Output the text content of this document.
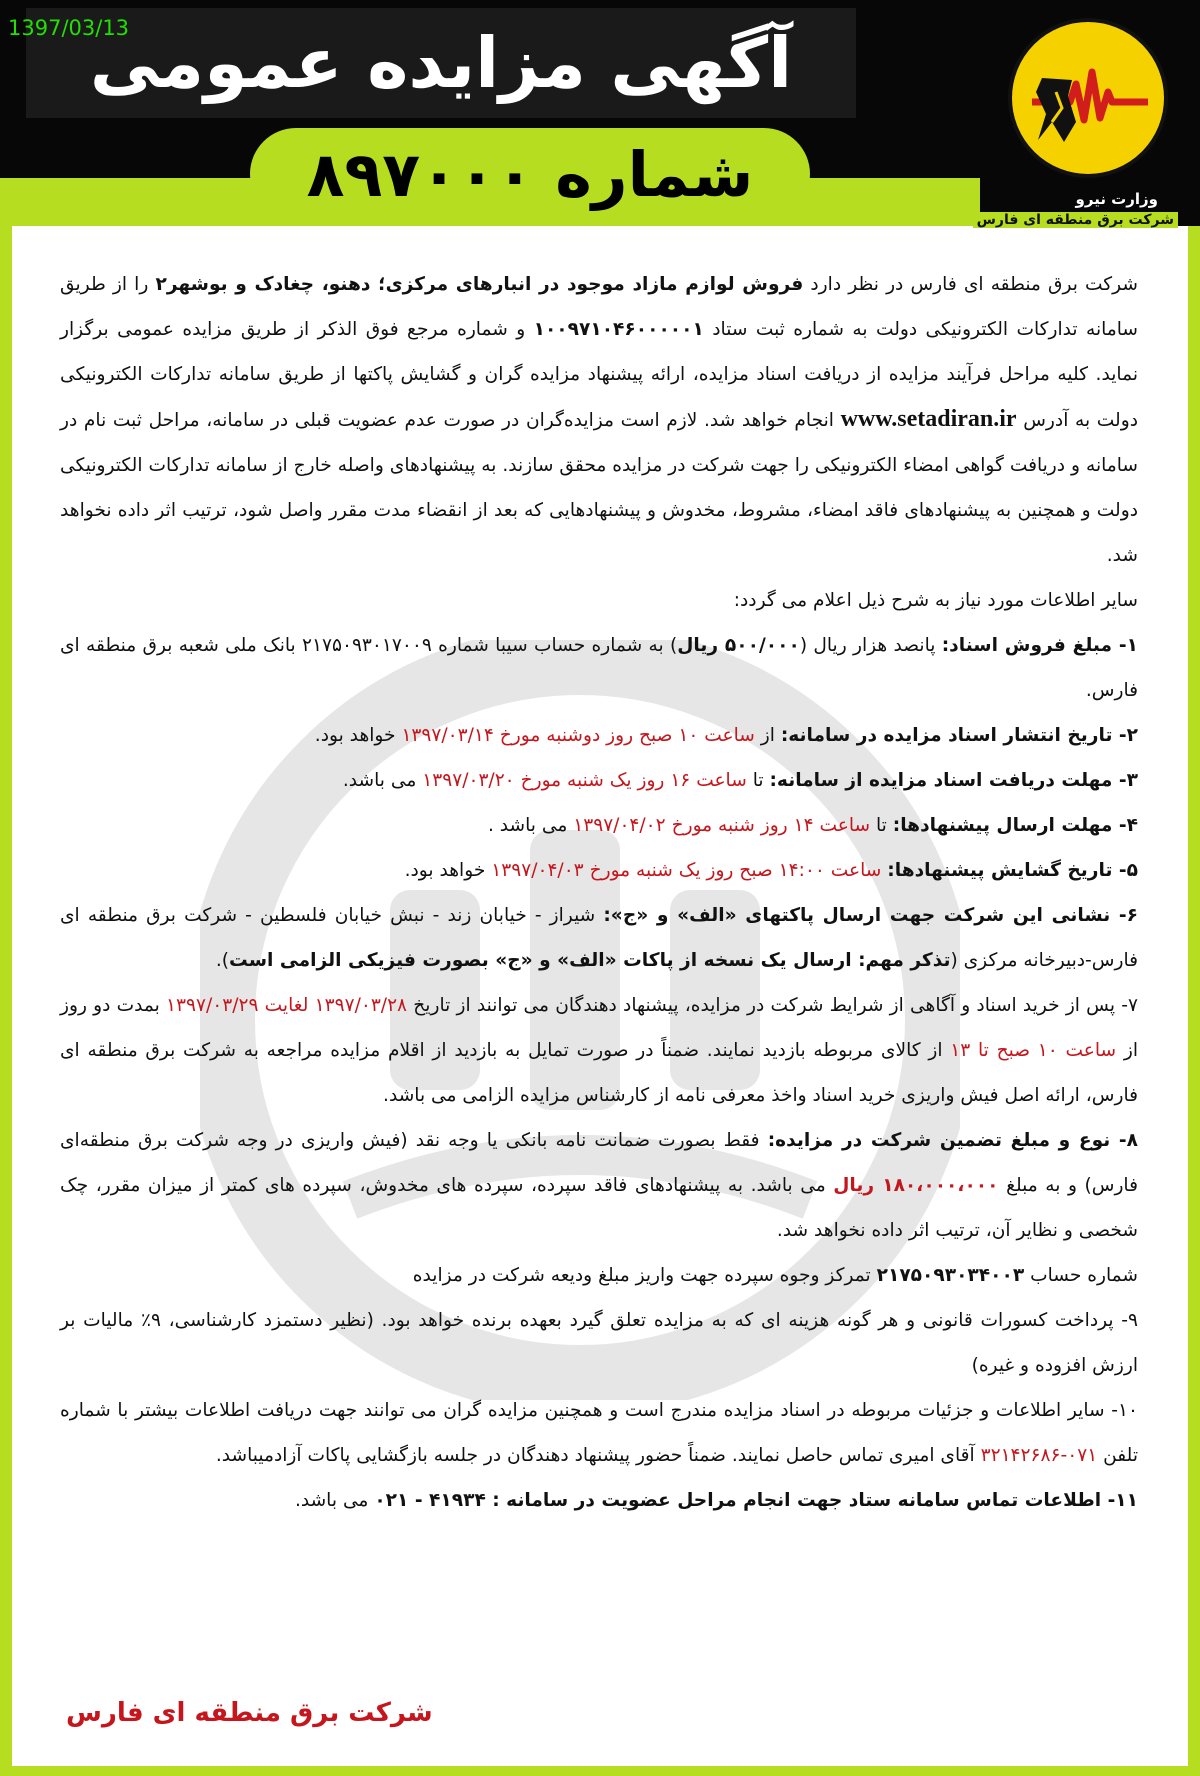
آگهی مزایده عمومی
شماره ۸۹۷۰۰۰
1397/03/13
وزارت نیرو
شرکت برق منطقه ای فارس

شرکت برق منطقه ای فارس در نظر دارد فروش لوازم مازاد موجود در انبارهای مرکزی؛ دهنو، چغادک و بوشهر۲ را از طریق سامانه تدارکات الکترونیکی دولت به شماره ثبت ستاد ۱۰۰۹۷۱۰۴۶۰۰۰۰۰۱ و شماره مرجع فوق الذکر از طریق مزایده عمومی برگزار نماید. کلیه مراحل فرآیند مزایده از دریافت اسناد مزایده، ارائه پیشنهاد مزایده گران و گشایش پاکتها از طریق سامانه تدارکات الکترونیکی دولت به آدرس www.setadiran.ir انجام خواهد شد. لازم است مزایده‌گران در صورت عدم عضویت قبلی در سامانه، مراحل ثبت نام در سامانه و دریافت گواهی امضاء الکترونیکی را جهت شرکت در مزایده محقق سازند. به پیشنهادهای واصله خارج از سامانه تدارکات الکترونیکی دولت و همچنین به پیشنهادهای فاقد امضاء، مشروط، مخدوش و پیشنهادهایی که بعد از انقضاء مدت مقرر واصل شود، ترتیب اثر داده نخواهد شد.

سایر اطلاعات مورد نیاز به شرح ذیل اعلام می گردد:

۱- مبلغ فروش اسناد: پانصد هزار ریال (۵۰۰/۰۰۰ ریال) به شماره حساب سیبا شماره ۲۱۷۵۰۹۳۰۱۷۰۰۹ بانک ملی شعبه برق منطقه ای فارس.

۲- تاریخ انتشار اسناد مزایده در سامانه: از ساعت ۱۰ صبح روز دوشنبه مورخ ۱۳۹۷/۰۳/۱۴ خواهد بود.

۳- مهلت دریافت اسناد مزایده از سامانه: تا ساعت ۱۶ روز یک شنبه مورخ ۱۳۹۷/۰۳/۲۰ می باشد.

۴- مهلت ارسال پیشنهادها: تا ساعت ۱۴ روز شنبه مورخ ۱۳۹۷/۰۴/۰۲ می باشد .

۵- تاریخ گشایش پیشنهادها: ساعت ۱۴:۰۰ صبح روز یک شنبه مورخ ۱۳۹۷/۰۴/۰۳ خواهد بود.

۶- نشانی این شرکت جهت ارسال پاکتهای «الف» و «ج»: شیراز - خیابان زند - نبش خیابان فلسطین - شرکت برق منطقه ای فارس-دبیرخانه مرکزی (تذکر مهم: ارسال یک نسخه از پاکات «الف» و «ج» بصورت فیزیکی الزامی است).

۷- پس از خرید اسناد و آگاهی از شرایط شرکت در مزایده، پیشنهاد دهندگان می توانند از تاریخ ۱۳۹۷/۰۳/۲۸ لغایت ۱۳۹۷/۰۳/۲۹ بمدت دو روز از ساعت ۱۰ صبح تا ۱۳ از کالای مربوطه بازدید نمایند. ضمناً در صورت تمایل به بازدید از اقلام مزایده مراجعه به شرکت برق منطقه ای فارس، ارائه اصل فیش واریزی خرید اسناد واخذ معرفی نامه از کارشناس مزایده الزامی می باشد.

۸- نوع و مبلغ تضمین شرکت در مزایده: فقط بصورت ضمانت نامه بانکی یا وجه نقد (فیش واریزی در وجه شرکت برق منطقه‌ای فارس) و به مبلغ ۱۸۰،۰۰۰،۰۰۰ ریال می باشد. به پیشنهادهای فاقد سپرده، سپرده های مخدوش، سپرده های کمتر از میزان مقرر، چک شخصی و نظایر آن، ترتیب اثر داده نخواهد شد.

شماره حساب ۲۱۷۵۰۹۳۰۳۴۰۰۳ تمرکز وجوه سپرده جهت واریز مبلغ ودیعه شرکت در مزایده

۹- پرداخت کسورات قانونی و هر گونه هزینه ای که به مزایده تعلق گیرد بعهده برنده خواهد بود. (نظیر دستمزد کارشناسی، ۹٪ مالیات بر ارزش افزوده و غیره)

۱۰- سایر اطلاعات و جزئیات مربوطه در اسناد مزایده مندرج است و همچنین مزایده گران می توانند جهت دریافت اطلاعات بیشتر با شماره تلفن ۰۷۱-۳۲۱۴۲۶۸۶ آقای امیری تماس حاصل نمایند. ضمناً حضور پیشنهاد دهندگان در جلسه بازگشایی پاکات آزادمیباشد.

۱۱- اطلاعات تماس سامانه ستاد جهت انجام مراحل عضویت در سامانه : ۴۱۹۳۴ - ۰۲۱ می باشد.

شرکت برق منطقه ای فارس
